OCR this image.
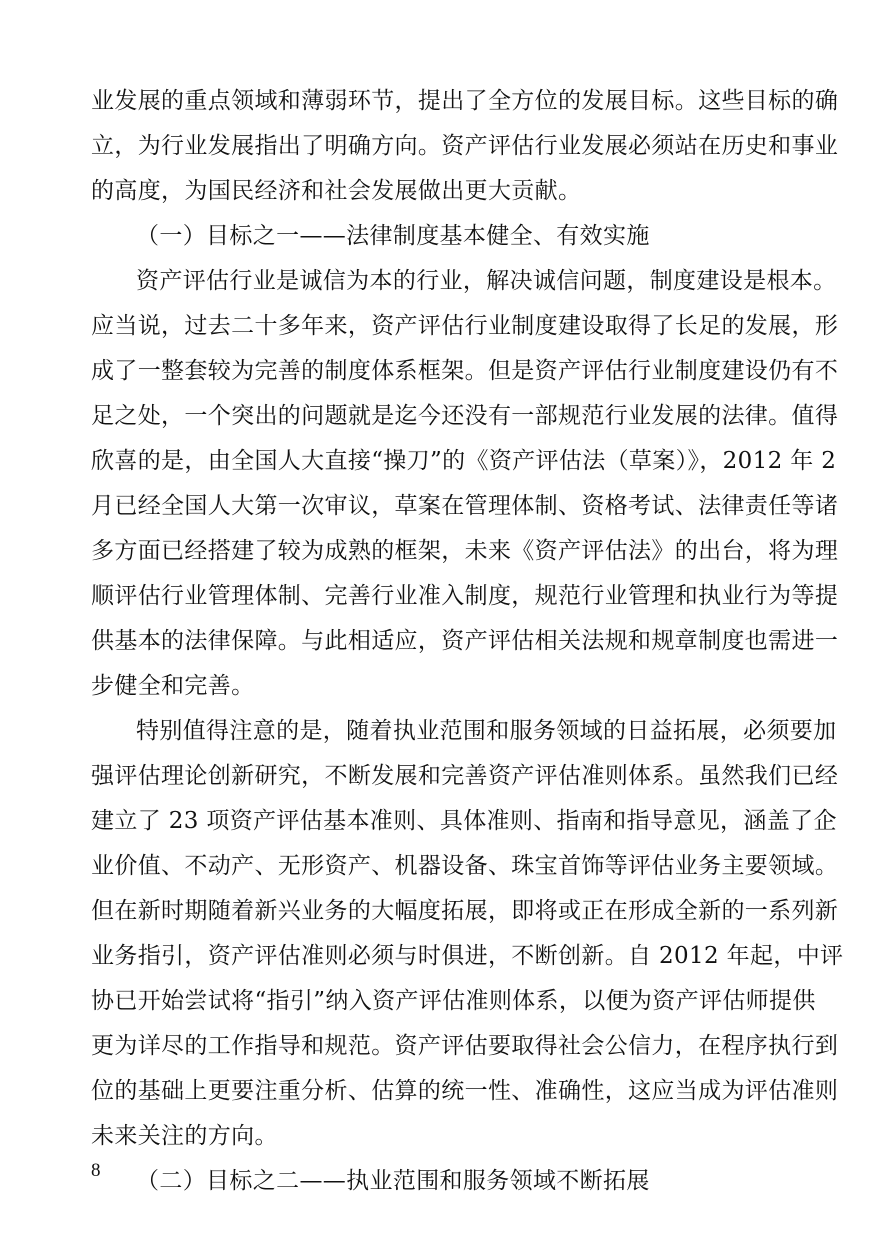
业发展的重点领域和薄弱环节，提出了全方位的发展目标。这些目标的确
立，为行业发展指出了明确方向。资产评估行业发展必须站在历史和事业
的高度，为国民经济和社会发展做出更大贡献。
（一）目标之一——法律制度基本健全、有效实施
资产评估行业是诚信为本的行业，解决诚信问题，制度建设是根本。
应当说，过去二十多年来，资产评估行业制度建设取得了长足的发展，形
成了一整套较为完善的制度体系框架。但是资产评估行业制度建设仍有不
足之处，一个突出的问题就是迄今还没有一部规范行业发展的法律。值得
欣喜的是，由全国人大直接“操刀”的《资产评估法（草案）》，2012 年 2
月已经全国人大第一次审议，草案在管理体制、资格考试、法律责任等诸
多方面已经搭建了较为成熟的框架，未来《资产评估法》的出台，将为理
顺评估行业管理体制、完善行业准入制度，规范行业管理和执业行为等提
供基本的法律保障。与此相适应，资产评估相关法规和规章制度也需进一
步健全和完善。
特别值得注意的是，随着执业范围和服务领域的日益拓展，必须要加
强评估理论创新研究，不断发展和完善资产评估准则体系。虽然我们已经
建立了 23 项资产评估基本准则、具体准则、指南和指导意见，涵盖了企
业价值、不动产、无形资产、机器设备、珠宝首饰等评估业务主要领域。
但在新时期随着新兴业务的大幅度拓展，即将或正在形成全新的一系列新
业务指引，资产评估准则必须与时俱进，不断创新。自 2012 年起，中评
协已开始尝试将“指引”纳入资产评估准则体系，以便为资产评估师提供
更为详尽的工作指导和规范。资产评估要取得社会公信力，在程序执行到
位的基础上更要注重分析、估算的统一性、准确性，这应当成为评估准则
未来关注的方向。
（二）目标之二——执业范围和服务领域不断拓展
8
